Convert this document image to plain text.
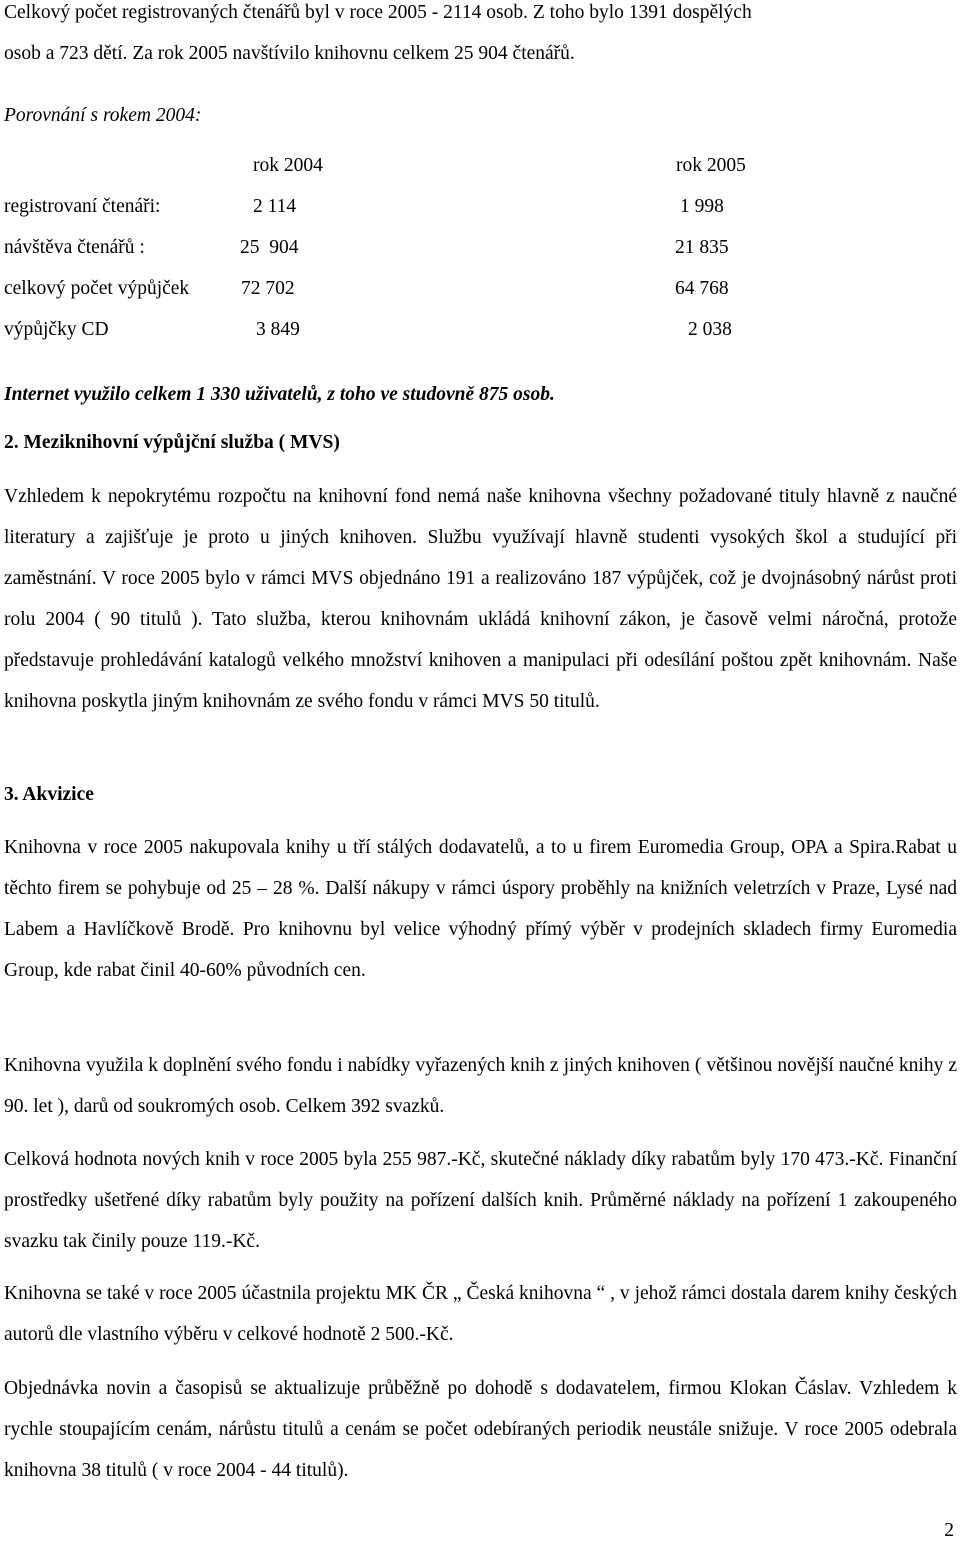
Celkový počet registrovaných čtenářů byl v roce 2005 - 2114 osob. Z toho bylo 1391 dospělých
osob a 723 dětí. Za rok 2005 navštívilo knihovnu celkem 25 904 čtenářů.
Porovnání s rokem 2004:
rok 2004	rok 2005
registrovaní čtenáři:	2 114	1 998
návštěva čtenářů :	25  904	21 835
celkový počet výpůjček	72 702	64 768
výpůjčky CD	3 849	2 038
Internet využilo celkem 1 330 uživatelů, z toho ve studovně 875 osob.
2. Meziknihovní výpůjční služba ( MVS)

Vzhledem k nepokrytému rozpočtu na knihovní fond nemá naše knihovna všechny požadované tituly hlavně z naučné literatury a zajišťuje je proto u jiných knihoven. Službu využívají hlavně studenti vysokých škol a studující při zaměstnání. V roce 2005 bylo v rámci MVS objednáno 191 a realizováno 187 výpůjček, což je dvojnásobný nárůst proti rolu 2004 ( 90 titulů ). Tato služba, kterou knihovnám ukládá knihovní zákon, je časově velmi náročná, protože představuje prohledávání katalogů velkého množství knihoven a manipulaci při odesílání poštou zpět knihovnám. Naše knihovna poskytla jiným knihovnám ze svého fondu v rámci MVS 50 titulů.

3. Akvizice

Knihovna v roce 2005 nakupovala knihy u tří stálých dodavatelů, a to u firem Euromedia Group, OPA a Spira.Rabat u těchto firem se pohybuje od 25 – 28 %. Další nákupy v rámci úspory proběhly na knižních veletrzích v Praze, Lysé nad Labem a Havlíčkově Brodě. Pro knihovnu byl velice výhodný přímý výběr v prodejních skladech firmy Euromedia Group, kde rabat činil 40-60% původních cen.

Knihovna využila k doplnění svého fondu i nabídky vyřazených knih z jiných knihoven ( většinou novější naučné knihy z 90. let ), darů od soukromých osob. Celkem 392 svazků.

Celková hodnota nových knih v roce 2005 byla 255 987.-Kč, skutečné náklady díky rabatům byly 170 473.-Kč. Finanční prostředky ušetřené díky rabatům byly použity na pořízení dalších knih. Průměrné náklady na pořízení 1 zakoupeného svazku tak činily pouze 119.-Kč.

Knihovna se také v roce 2005 účastnila projektu MK ČR „ Česká knihovna “ , v jehož rámci dostala darem knihy českých autorů dle vlastního výběru v celkové hodnotě 2 500.-Kč.

Objednávka novin a časopisů se aktualizuje průběžně po dohodě s dodavatelem, firmou Klokan Čáslav. Vzhledem k rychle stoupajícím cenám, nárůstu titulů a cenám se počet odebíraných periodik neustále snižuje. V roce 2005 odebrala knihovna 38 titulů ( v roce 2004 - 44 titulů).

2
